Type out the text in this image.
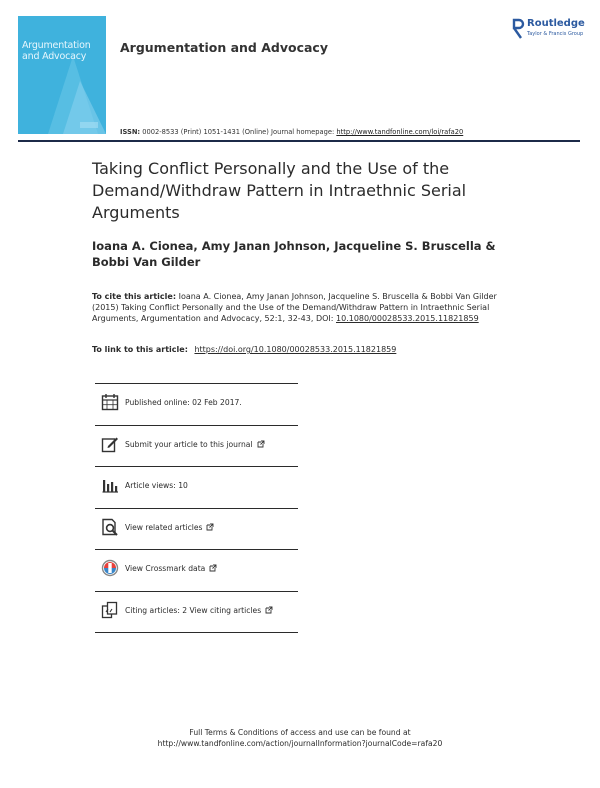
Argumentation
and Advocacy
Argumentation and Advocacy
Routledge
Taylor & Francis Group
ISSN: 0002-8533 (Print) 1051-1431 (Online) Journal homepage: http://www.tandfonline.com/loi/rafa20
Taking Conflict Personally and the Use of the Demand/Withdraw Pattern in Intraethnic Serial Arguments
Ioana A. Cionea, Amy Janan Johnson, Jacqueline S. Bruscella & Bobbi Van Gilder
To cite this article: Ioana A. Cionea, Amy Janan Johnson, Jacqueline S. Bruscella & Bobbi Van Gilder (2015) Taking Conflict Personally and the Use of the Demand/Withdraw Pattern in Intraethnic Serial Arguments, Argumentation and Advocacy, 52:1, 32-43, DOI: 10.1080/00028533.2015.11821859
To link to this article: https://doi.org/10.1080/00028533.2015.11821859
Published online: 02 Feb 2017.
Submit your article to this journal
Article views: 10
View related articles
View Crossmark data
Citing articles: 2 View citing articles
Full Terms & Conditions of access and use can be found at
http://www.tandfonline.com/action/journalInformation?journalCode=rafa20
